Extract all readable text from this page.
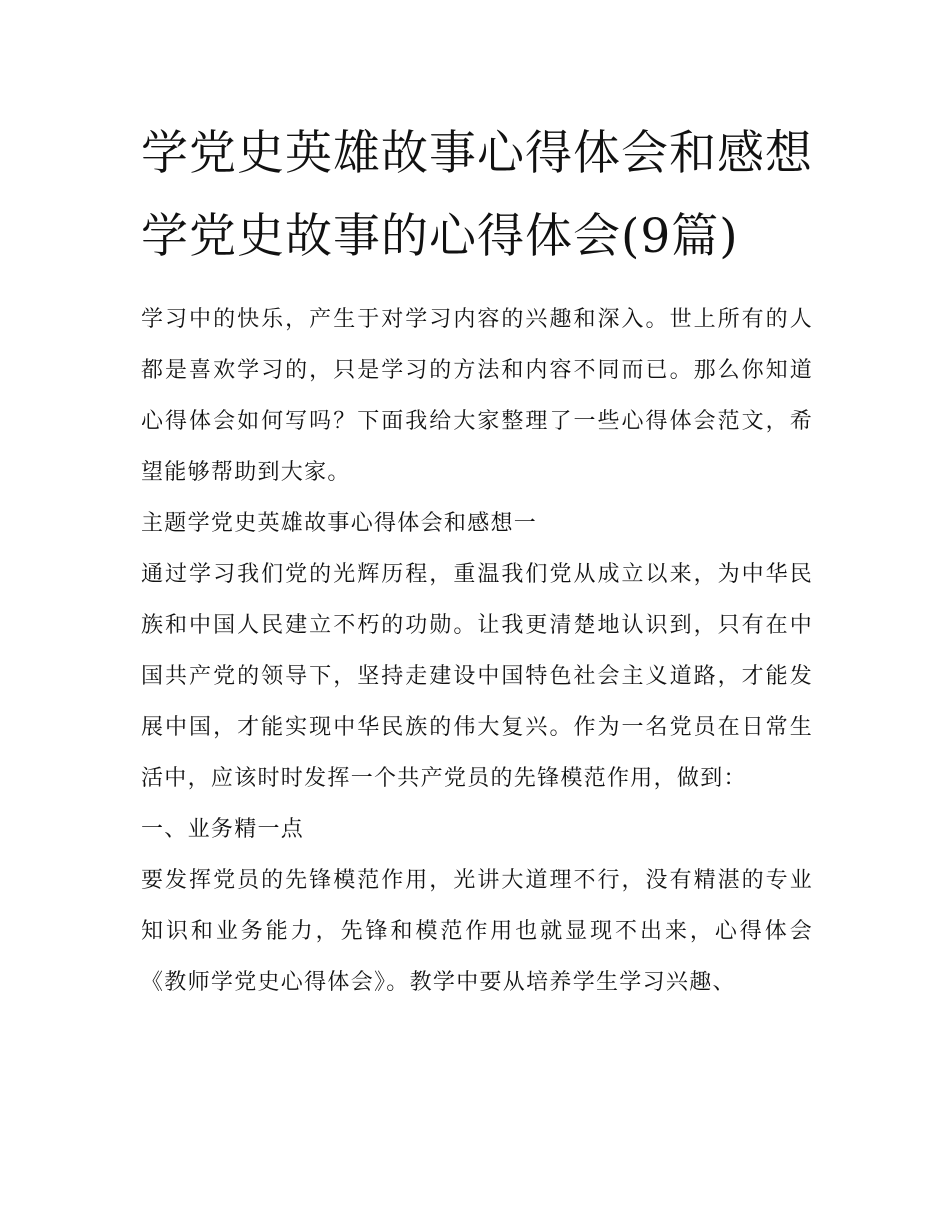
学党史英雄故事心得体会和感想 学党史故事的心得体会(9篇)

学习中的快乐，产生于对学习内容的兴趣和深入。世上所有的人都是喜欢学习的，只是学习的方法和内容不同而已。那么你知道心得体会如何写吗？下面我给大家整理了一些心得体会范文，希望能够帮助到大家。

主题学党史英雄故事心得体会和感想一

通过学习我们党的光辉历程，重温我们党从成立以来，为中华民族和中国人民建立不朽的功勋。让我更清楚地认识到，只有在中国共产党的领导下，坚持走建设中国特色社会主义道路，才能发展中国，才能实现中华民族的伟大复兴。作为一名党员在日常生活中，应该时时发挥一个共产党员的先锋模范作用，做到：

一、业务精一点

要发挥党员的先锋模范作用，光讲大道理不行，没有精湛的专业知识和业务能力，先锋和模范作用也就显现不出来，心得体会《教师学党史心得体会》。教学中要从培养学生学习兴趣、
